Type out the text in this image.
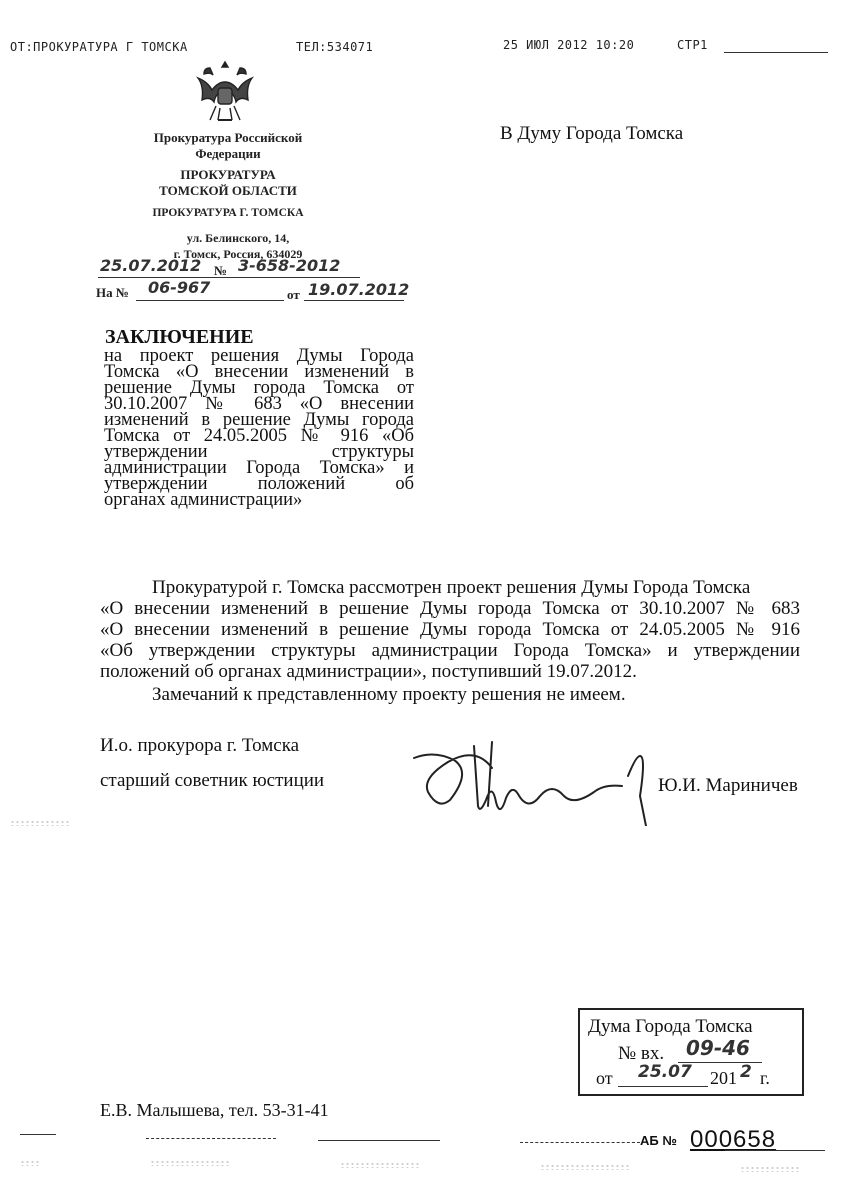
ОТ:ПРОКУРАТУРА Г ТОМСКА	ТЕЛ:534071	25 ИЮЛ 2012 10:20	СТР1
Прокуратура Российской
Федерации
ПРОКУРАТУРА
ТОМСКОЙ ОБЛАСТИ
ПРОКУРАТУРА Г. ТОМСКА
ул. Белинского, 14,
г. Томск, Россия, 634029
25.07.2012 № 3-658-2012
На № 06-967	от 19.07.2012
В Думу Города Томска
ЗАКЛЮЧЕНИЕ
на проект решения Думы Города
Томска «О внесении изменений в
решение Думы города Томска от
30.10.2007 № 683 «О внесении
изменений в решение Думы города
Томска от 24.05.2005 № 916 «Об
утверждении структуры
администрации Города Томска» и
утверждении положений об
органах администрации»
Прокуратурой г. Томска рассмотрен проект решения Думы Города Томска
«О внесении изменений в решение Думы города Томска от 30.10.2007 № 683
«О внесении изменений в решение Думы города Томска от 24.05.2005 № 916
«Об утверждении структуры администрации Города Томска» и утверждении
положений об органах администрации», поступивший 19.07.2012.
Замечаний к представленному проекту решения не имеем.
И.о. прокурора г. Томска
старший советник юстиции	Ю.И. Мариничев
Дума Города Томска
№ вх. 09-46
от 25.07 201 2 г.
Е.В. Малышева, тел. 53-31-41
АБ № 000658
